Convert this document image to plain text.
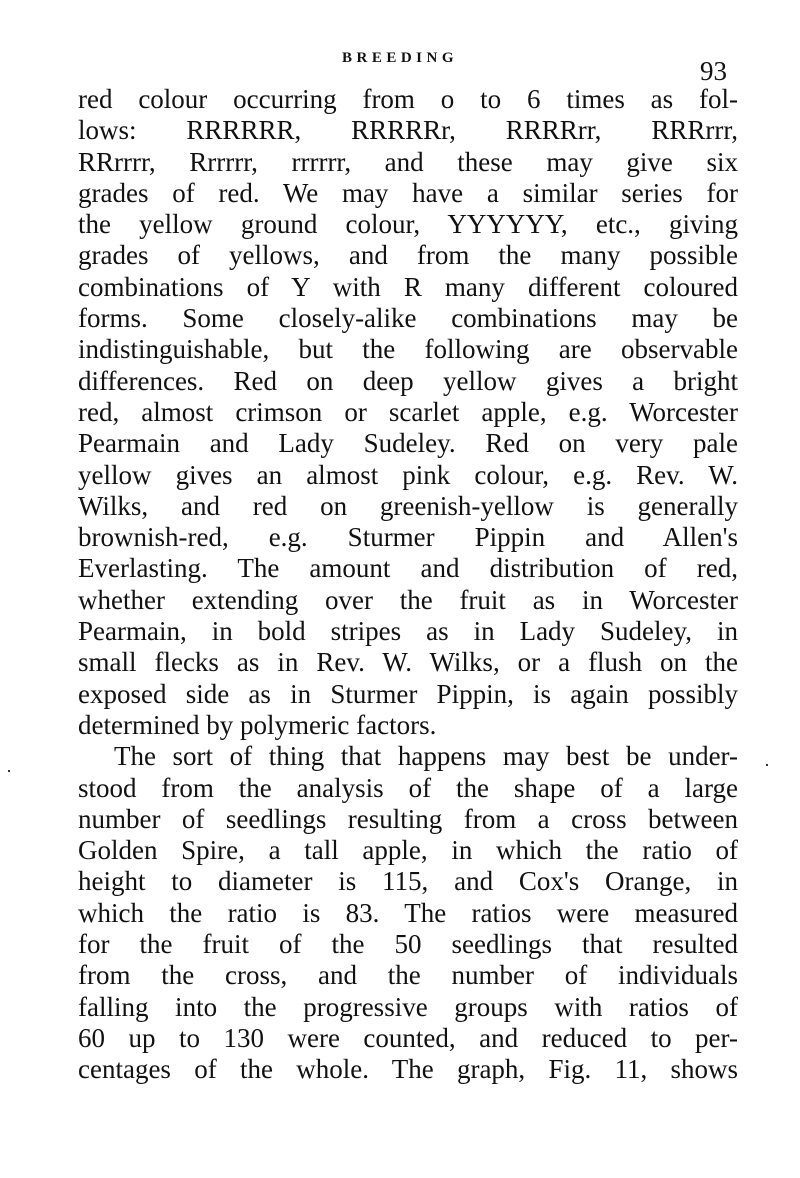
BREEDING	93
red colour occurring from o to 6 times as fol-
lows: RRRRRR, RRRRRr, RRRRrr, RRRrrr,
RRrrrr, Rrrrrr, rrrrrr, and these may give six
grades of red. We may have a similar series for
the yellow ground colour, YYYYYY, etc., giving
grades of yellows, and from the many possible
combinations of Y with R many different coloured
forms. Some closely-alike combinations may be
indistinguishable, but the following are observable
differences. Red on deep yellow gives a bright
red, almost crimson or scarlet apple, e.g. Worcester
Pearmain and Lady Sudeley. Red on very pale
yellow gives an almost pink colour, e.g. Rev. W.
Wilks, and red on greenish-yellow is generally
brownish-red, e.g. Sturmer Pippin and Allen's
Everlasting. The amount and distribution of red,
whether extending over the fruit as in Worcester
Pearmain, in bold stripes as in Lady Sudeley, in
small flecks as in Rev. W. Wilks, or a flush on the
exposed side as in Sturmer Pippin, is again possibly
determined by polymeric factors.
The sort of thing that happens may best be under-
stood from the analysis of the shape of a large
number of seedlings resulting from a cross between
Golden Spire, a tall apple, in which the ratio of
height to diameter is 115, and Cox's Orange, in
which the ratio is 83. The ratios were measured
for the fruit of the 50 seedlings that resulted
from the cross, and the number of individuals
falling into the progressive groups with ratios of
60 up to 130 were counted, and reduced to per-
centages of the whole. The graph, Fig. 11, shows
